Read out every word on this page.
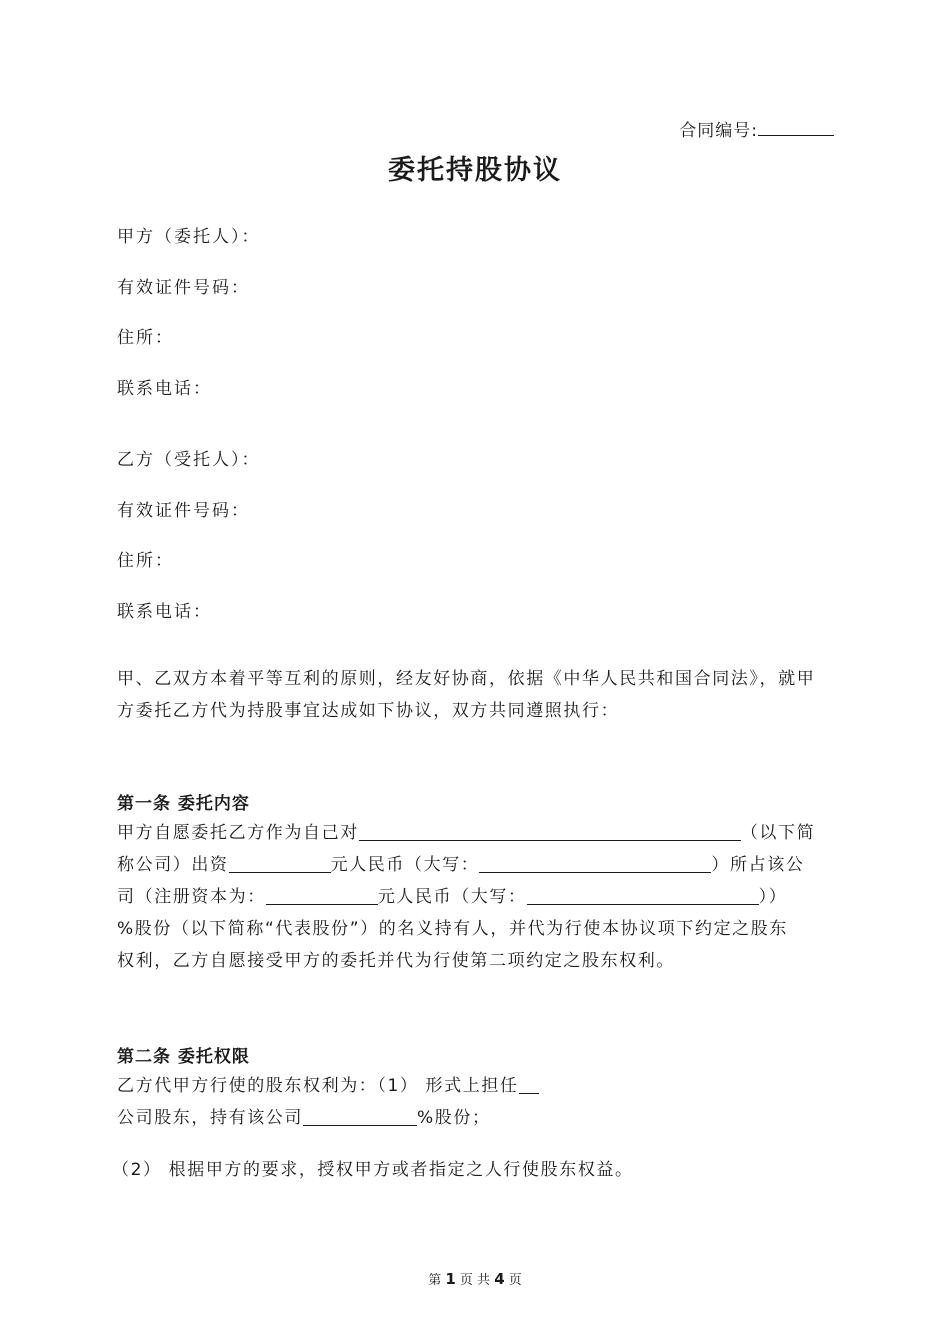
合同编号:
委托持股协议
甲方（委托人）：
有效证件号码：
住所：
联系电话：
乙方（受托人）：
有效证件号码：
住所：
联系电话：
甲、乙双方本着平等互利的原则，经友好协商，依据《中华人民共和国合同法》，就甲方委托乙方代为持股事宜达成如下协议，双方共同遵照执行：
第一条 委托内容
甲方自愿委托乙方作为自己对	（以下简
称公司）出资	元人民币（大写：	）所占该公
司（注册资本为：	元人民币（大写：	））
%股份（以下简称“代表股份”）的名义持有人，并代为行使本协议项下约定之股东
权利，乙方自愿接受甲方的委托并代为行使第二项约定之股东权利。
第二条 委托权限
乙方代甲方行使的股东权利为：（1） 形式上担任
公司股东，持有该公司	%股份；
（2） 根据甲方的要求，授权甲方或者指定之人行使股东权益。
第 1 页 共 4 页
